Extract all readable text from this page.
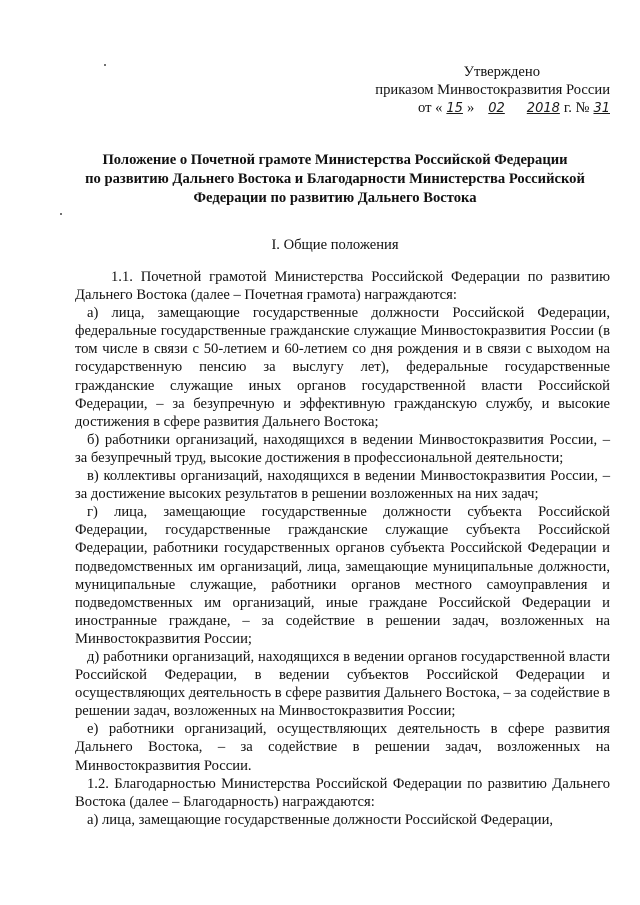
Утверждено
приказом Минвостокразвития России
от « 15 »	02	2018 г. № 31
Положение о Почетной грамоте Министерства Российской Федерации
по развитию Дальнего Востока и Благодарности Министерства Российской
Федерации по развитию Дальнего Востока
I. Общие положения

1.1. Почетной грамотой Министерства Российской Федерации по развитию Дальнего Востока (далее – Почетная грамота) награждаются:

а) лица, замещающие государственные должности Российской Федерации, федеральные государственные гражданские служащие Минвостокразвития России (в том числе в связи с 50-летием и 60-летием со дня рождения и в связи с выходом на государственную пенсию за выслугу лет), федеральные государственные гражданские служащие иных органов государственной власти Российской Федерации, – за безупречную и эффективную гражданскую службу, и высокие достижения в сфере развития Дальнего Востока;

б) работники организаций, находящихся в ведении Минвостокразвития России, – за безупречный труд, высокие достижения в профессиональной деятельности;

в) коллективы организаций, находящихся в ведении Минвостокразвития России, – за достижение высоких результатов в решении возложенных на них задач;

г) лица, замещающие государственные должности субъекта Российской Федерации, государственные гражданские служащие субъекта Российской Федерации, работники государственных органов субъекта Российской Федерации и подведомственных им организаций, лица, замещающие муниципальные должности, муниципальные служащие, работники органов местного самоуправления и подведомственных им организаций, иные граждане Российской Федерации и иностранные граждане, – за содействие в решении задач, возложенных на Минвостокразвития России;

д) работники организаций, находящихся в ведении органов государственной власти Российской Федерации, в ведении субъектов Российской Федерации и осуществляющих деятельность в сфере развития Дальнего Востока, – за содействие в решении задач, возложенных на Минвостокразвития России;

е) работники организаций, осуществляющих деятельность в сфере развития Дальнего Востока, – за содействие в решении задач, возложенных на Минвостокразвития России.

1.2. Благодарностью Министерства Российской Федерации по развитию Дальнего Востока (далее – Благодарность) награждаются:

а) лица, замещающие государственные должности Российской Федерации,
